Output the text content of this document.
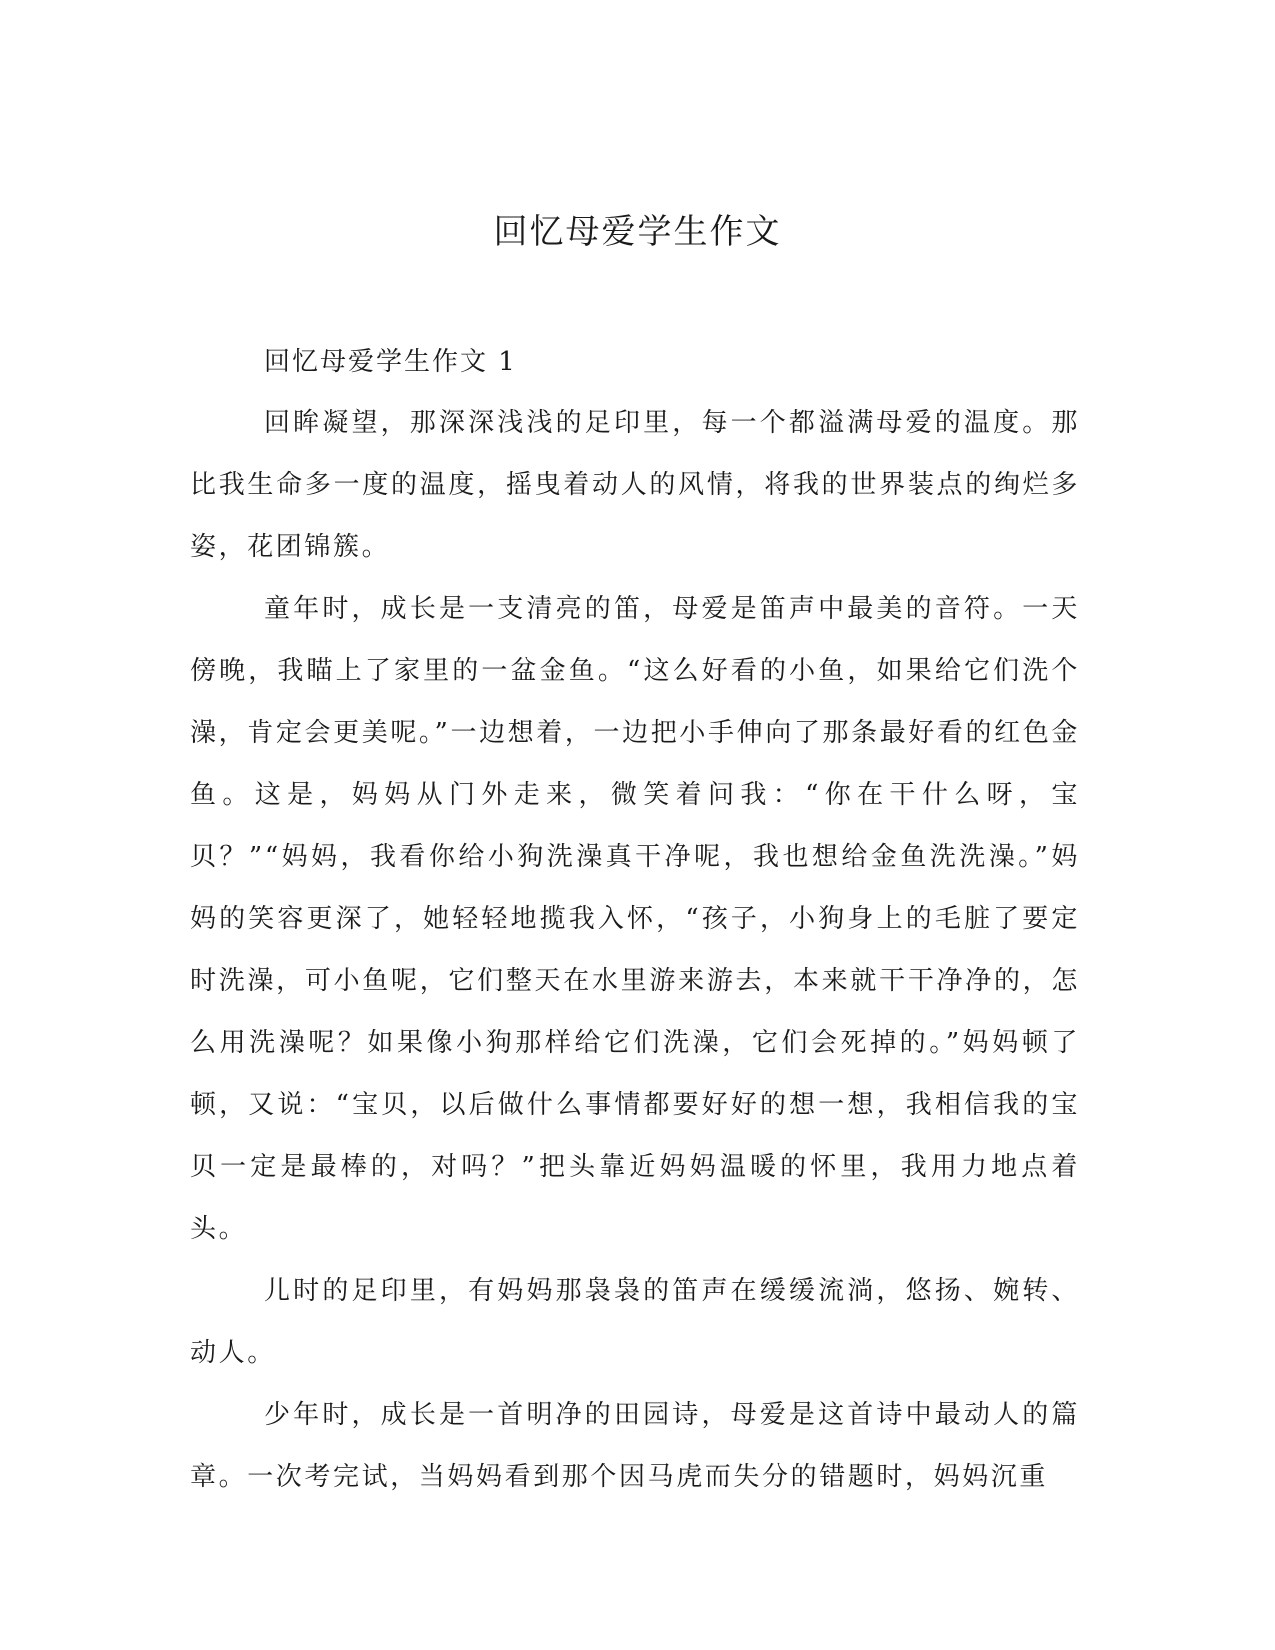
回忆母爱学生作文

回忆母爱学生作文 1

回眸凝望，那深深浅浅的足印里，每一个都溢满母爱的温度。那比我生命多一度的温度，摇曳着动人的风情，将我的世界装点的绚烂多姿，花团锦簇。

童年时，成长是一支清亮的笛，母爱是笛声中最美的音符。一天傍晚，我瞄上了家里的一盆金鱼。“这么好看的小鱼，如果给它们洗个澡，肯定会更美呢。”一边想着，一边把小手伸向了那条最好看的红色金鱼。这是，妈妈从门外走来，微笑着问我：“你在干什么呀，宝贝？”“妈妈，我看你给小狗洗澡真干净呢，我也想给金鱼洗洗澡。”妈妈的笑容更深了，她轻轻地揽我入怀，“孩子，小狗身上的毛脏了要定时洗澡，可小鱼呢，它们整天在水里游来游去，本来就干干净净的，怎么用洗澡呢？如果像小狗那样给它们洗澡，它们会死掉的。”妈妈顿了顿，又说：“宝贝，以后做什么事情都要好好的想一想，我相信我的宝贝一定是最棒的，对吗？”把头靠近妈妈温暖的怀里，我用力地点着头。

儿时的足印里，有妈妈那袅袅的笛声在缓缓流淌，悠扬、婉转、动人。

少年时，成长是一首明净的田园诗，母爱是这首诗中最动人的篇章。一次考完试，当妈妈看到那个因马虎而失分的错题时，妈妈沉重
